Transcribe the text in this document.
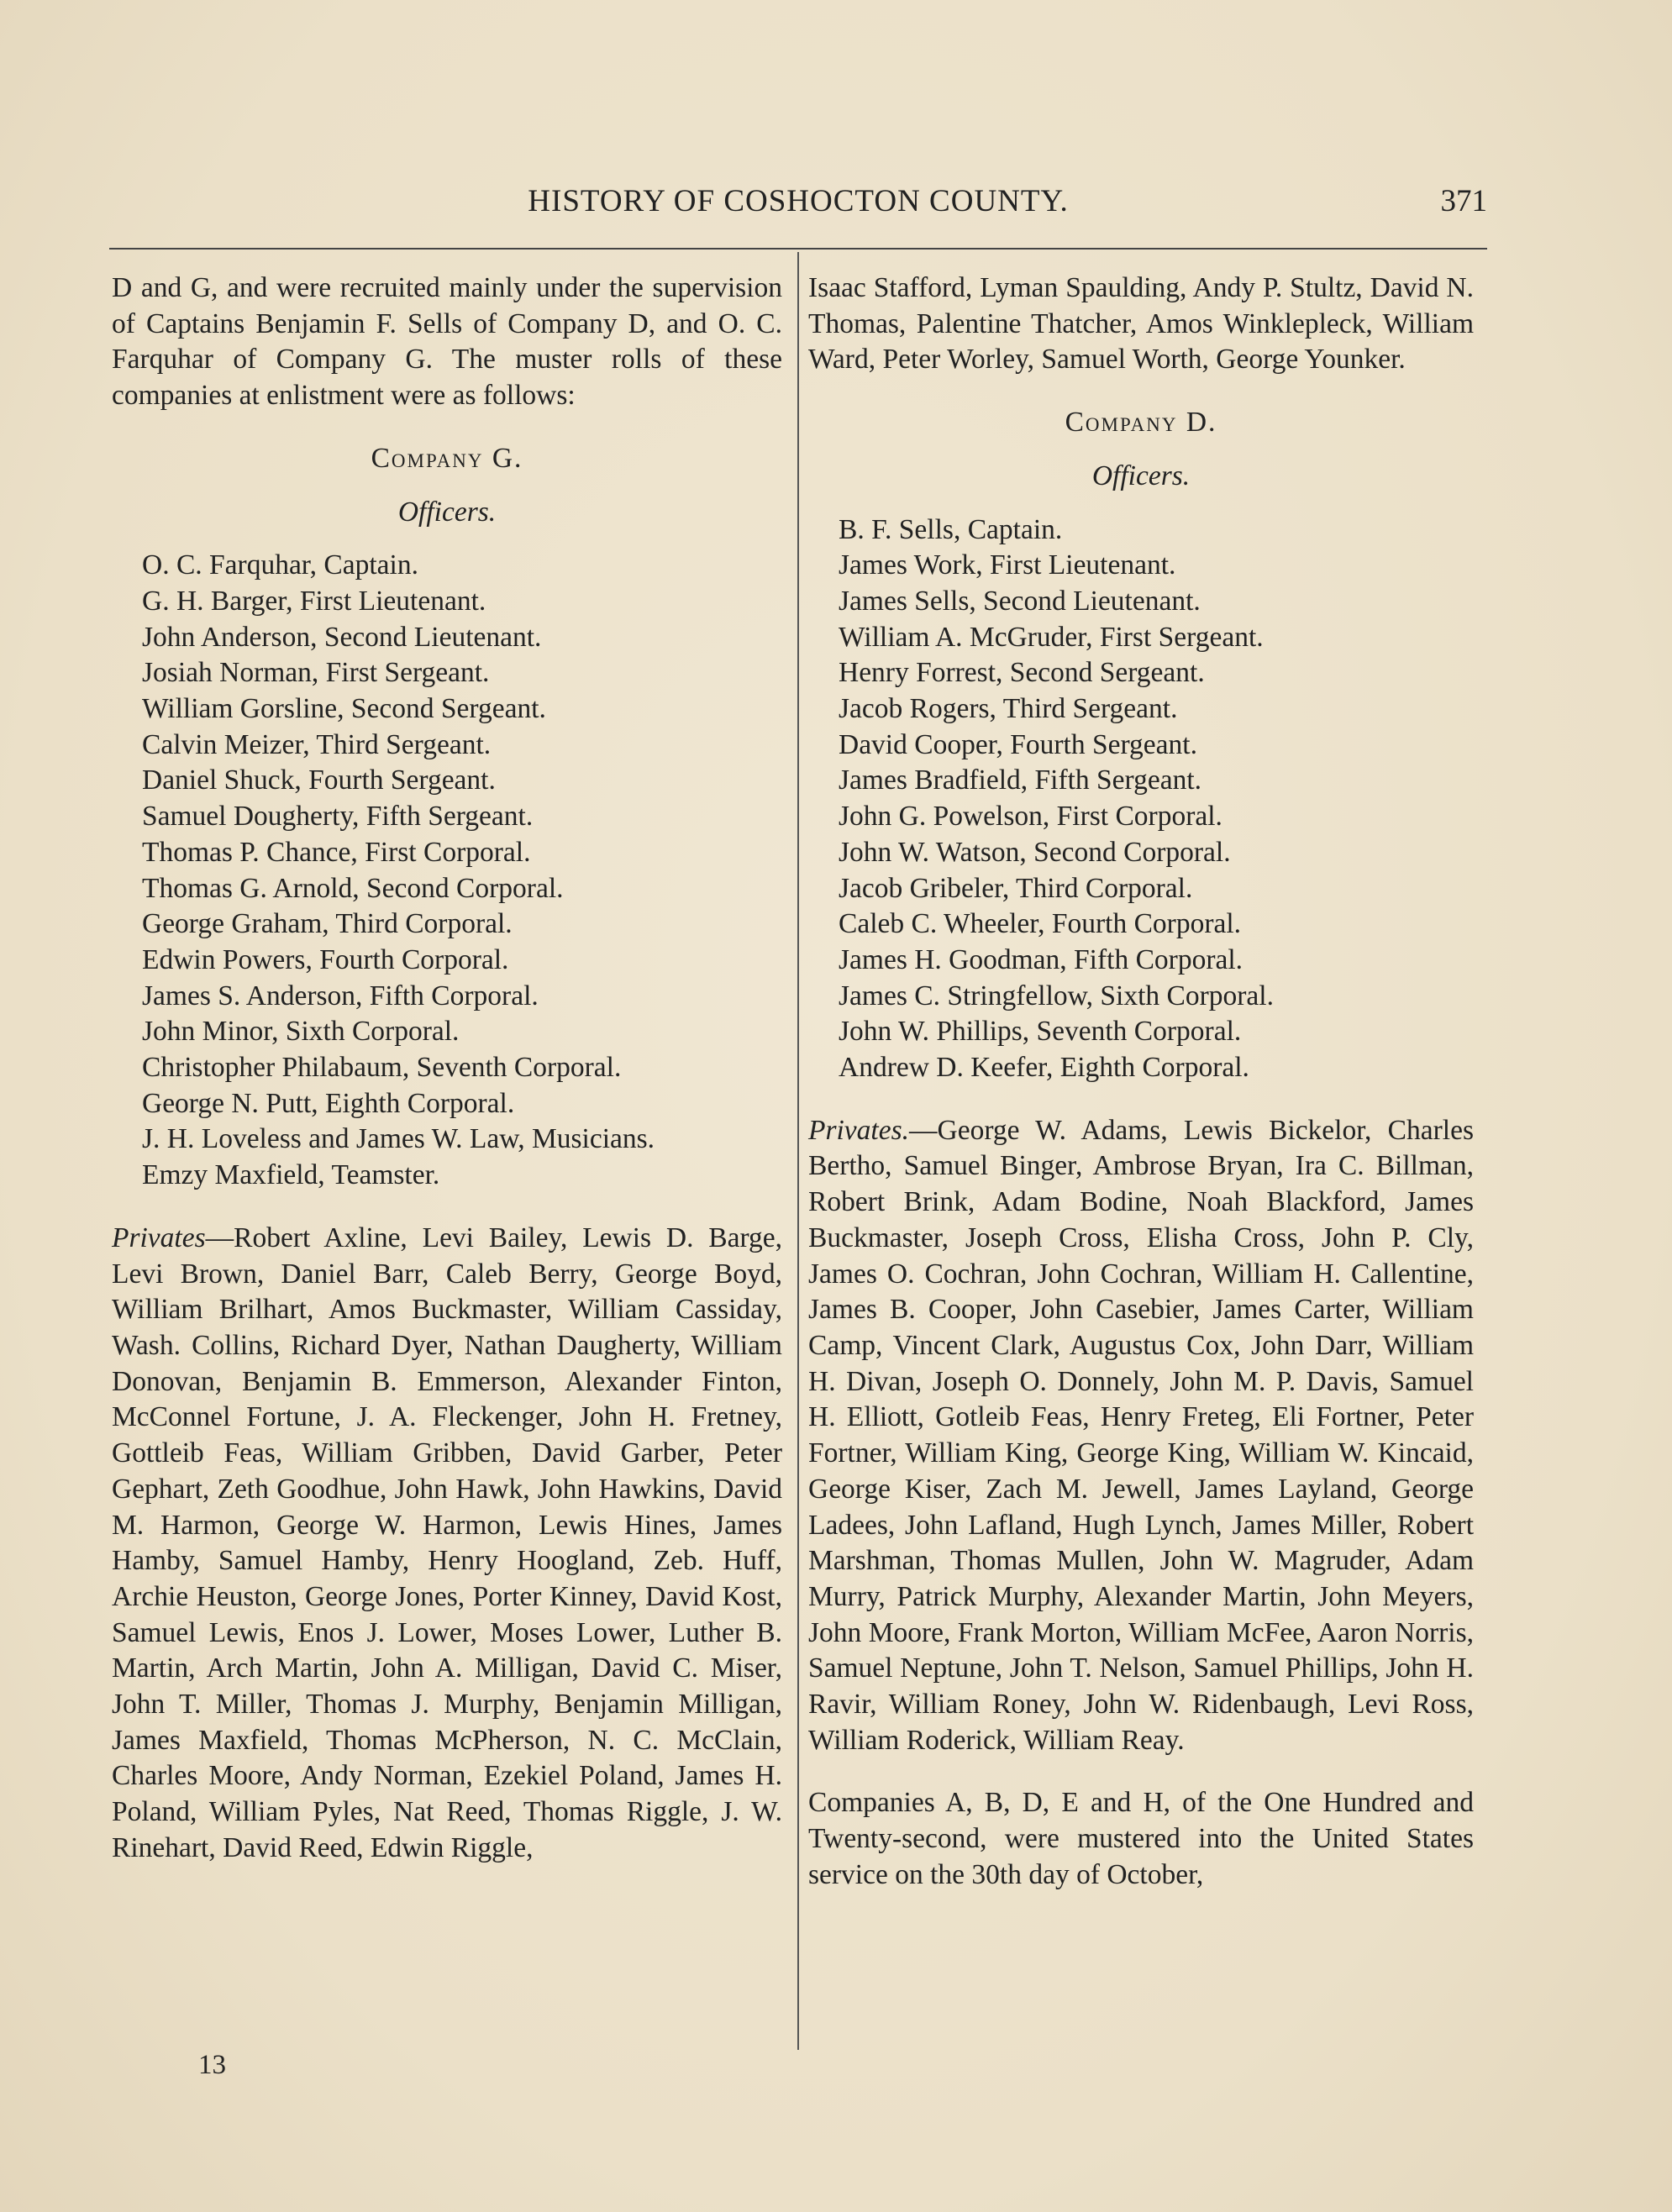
HISTORY OF COSHOCTON COUNTY.	371

D and G, and were recruited mainly under the supervision of Captains Benjamin F. Sells of Company D, and O. C. Farquhar of Company G. The muster rolls of these companies at enlistment were as follows:

Company G.

Officers.

O. C. Farquhar, Captain.
G. H. Barger, First Lieutenant.
John Anderson, Second Lieutenant.
Josiah Norman, First Sergeant.
William Gorsline, Second Sergeant.
Calvin Meizer, Third Sergeant.
Daniel Shuck, Fourth Sergeant.
Samuel Dougherty, Fifth Sergeant.
Thomas P. Chance, First Corporal.
Thomas G. Arnold, Second Corporal.
George Graham, Third Corporal.
Edwin Powers, Fourth Corporal.
James S. Anderson, Fifth Corporal.
John Minor, Sixth Corporal.
Christopher Philabaum, Seventh Corporal.
George N. Putt, Eighth Corporal.
J. H. Loveless and James W. Law, Musicians.
Emzy Maxfield, Teamster.

Privates—Robert Axline, Levi Bailey, Lewis D. Barge, Levi Brown, Daniel Barr, Caleb Berry, George Boyd, William Brilhart, Amos Buckmaster, William Cassiday, Wash. Collins, Richard Dyer, Nathan Daugherty, William Donovan, Benjamin B. Emmerson, Alexander Finton, McConnel Fortune, J. A. Fleckenger, John H. Fretney, Gottleib Feas, William Gribben, David Garber, Peter Gephart, Zeth Goodhue, John Hawk, John Hawkins, David M. Harmon, George W. Harmon, Lewis Hines, James Hamby, Samuel Hamby, Henry Hoogland, Zeb. Huff, Archie Heuston, George Jones, Porter Kinney, David Kost, Samuel Lewis, Enos J. Lower, Moses Lower, Luther B. Martin, Arch Martin, John A. Milligan, David C. Miser, John T. Miller, Thomas J. Murphy, Benjamin Milligan, James Maxfield, Thomas McPherson, N. C. McClain, Charles Moore, Andy Norman, Ezekiel Poland, James H. Poland, William Pyles, Nat Reed, Thomas Riggle, J. W. Rinehart, David Reed, Edwin Riggle,

Isaac Stafford, Lyman Spaulding, Andy P. Stultz, David N. Thomas, Palentine Thatcher, Amos Winklepleck, William Ward, Peter Worley, Samuel Worth, George Younker.

Company D.

Officers.

B. F. Sells, Captain.
James Work, First Lieutenant.
James Sells, Second Lieutenant.
William A. McGruder, First Sergeant.
Henry Forrest, Second Sergeant.
Jacob Rogers, Third Sergeant.
David Cooper, Fourth Sergeant.
James Bradfield, Fifth Sergeant.
John G. Powelson, First Corporal.
John W. Watson, Second Corporal.
Jacob Gribeler, Third Corporal.
Caleb C. Wheeler, Fourth Corporal.
James H. Goodman, Fifth Corporal.
James C. Stringfellow, Sixth Corporal.
John W. Phillips, Seventh Corporal.
Andrew D. Keefer, Eighth Corporal.

Privates.—George W. Adams, Lewis Bickelor, Charles Bertho, Samuel Binger, Ambrose Bryan, Ira C. Billman, Robert Brink, Adam Bodine, Noah Blackford, James Buckmaster, Joseph Cross, Elisha Cross, John P. Cly, James O. Cochran, John Cochran, William H. Callentine, James B. Cooper, John Casebier, James Carter, William Camp, Vincent Clark, Augustus Cox, John Darr, William H. Divan, Joseph O. Donnely, John M. P. Davis, Samuel H. Elliott, Gotleib Feas, Henry Freteg, Eli Fortner, Peter Fortner, William King, George King, William W. Kincaid, George Kiser, Zach M. Jewell, James Layland, George Ladees, John Lafland, Hugh Lynch, James Miller, Robert Marshman, Thomas Mullen, John W. Magruder, Adam Murry, Patrick Murphy, Alexander Martin, John Meyers, John Moore, Frank Morton, William McFee, Aaron Norris, Samuel Neptune, John T. Nelson, Samuel Phillips, John H. Ravir, William Roney, John W. Ridenbaugh, Levi Ross, William Roderick, William Reay.

Companies A, B, D, E and H, of the One Hundred and Twenty-second, were mustered into the United States service on the 30th day of October,

13
